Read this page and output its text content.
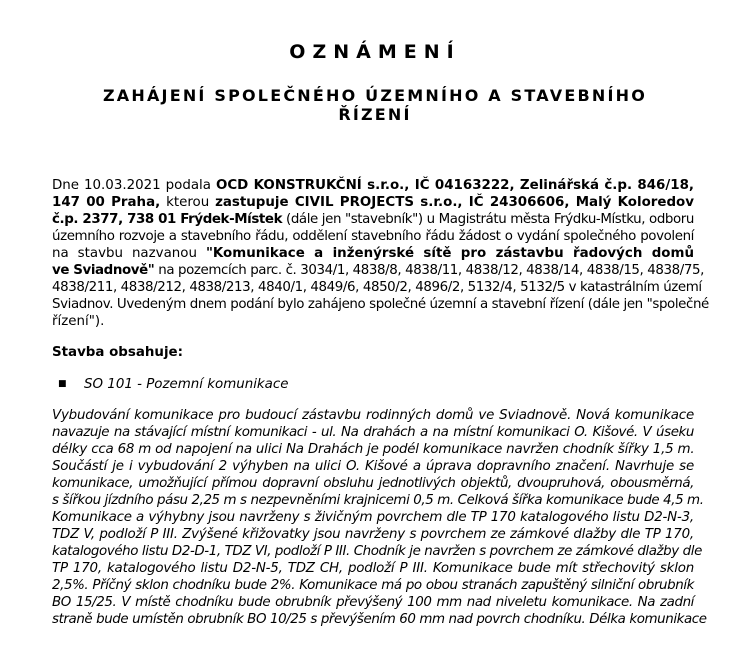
OZNÁMENÍ
ZAHÁJENÍ SPOLEČNÉHO ÚZEMNÍHO A STAVEBNÍHO
ŘÍZENÍ
Dne 10.03.2021 podala OCD KONSTRUKČNÍ s.r.o., IČ 04163222, Zelinářská č.p. 846/18,
147 00 Praha, kterou zastupuje CIVIL PROJECTS s.r.o., IČ 24306606, Malý Koloredov
č.p. 2377, 738 01 Frýdek-Místek (dále jen "stavebník") u Magistrátu města Frýdku-Místku, odboru
územního rozvoje a stavebního řádu, oddělení stavebního řádu žádost o vydání společného povolení
na stavbu nazvanou "Komunikace a inženýrské sítě pro zástavbu řadových domů
ve Sviadnově" na pozemcích parc. č. 3034/1, 4838/8, 4838/11, 4838/12, 4838/14, 4838/15, 4838/75,
4838/211, 4838/212, 4838/213, 4840/1, 4849/6, 4850/2, 4896/2, 5132/4, 5132/5 v katastrálním území
Sviadnov. Uvedeným dnem podání bylo zahájeno společné územní a stavební řízení (dále jen "společné
řízení").
Stavba obsahuje:
■ SO 101 - Pozemní komunikace
Vybudování komunikace pro budoucí zástavbu rodinných domů ve Sviadnově. Nová komunikace
navazuje na stávající místní komunikaci - ul. Na drahách a na místní komunikaci O. Kišové. V úseku
délky cca 68 m od napojení na ulici Na Drahách je podél komunikace navržen chodník šířky 1,5 m.
Součástí je i vybudování 2 výhyben na ulici O. Kišové a úprava dopravního značení. Navrhuje se
komunikace, umožňující přímou dopravní obsluhu jednotlivých objektů, dvoupruhová, obousměrná,
s šířkou jízdního pásu 2,25 m s nezpevněními krajnicemi 0,5 m. Celková šířka komunikace bude 4,5 m.
Komunikace a výhybny jsou navrženy s živičným povrchem dle TP 170 katalogového listu D2-N-3,
TDZ V, podloží P III. Zvýšené křižovatky jsou navrženy s povrchem ze zámkové dlažby dle TP 170,
katalogového listu D2-D-1, TDZ VI, podloží P III. Chodník je navržen s povrchem ze zámkové dlažby dle
TP 170, katalogového listu D2-N-5, TDZ CH, podloží P III. Komunikace bude mít střechovitý sklon
2,5%. Příčný sklon chodníku bude 2%. Komunikace má po obou stranách zapuštěný silniční obrubník
BO 15/25. V místě chodníku bude obrubník převýšený 100 mm nad niveletu komunikace. Na zadní
straně bude umístěn obrubník BO 10/25 s převýšením 60 mm nad povrch chodníku. Délka komunikace
